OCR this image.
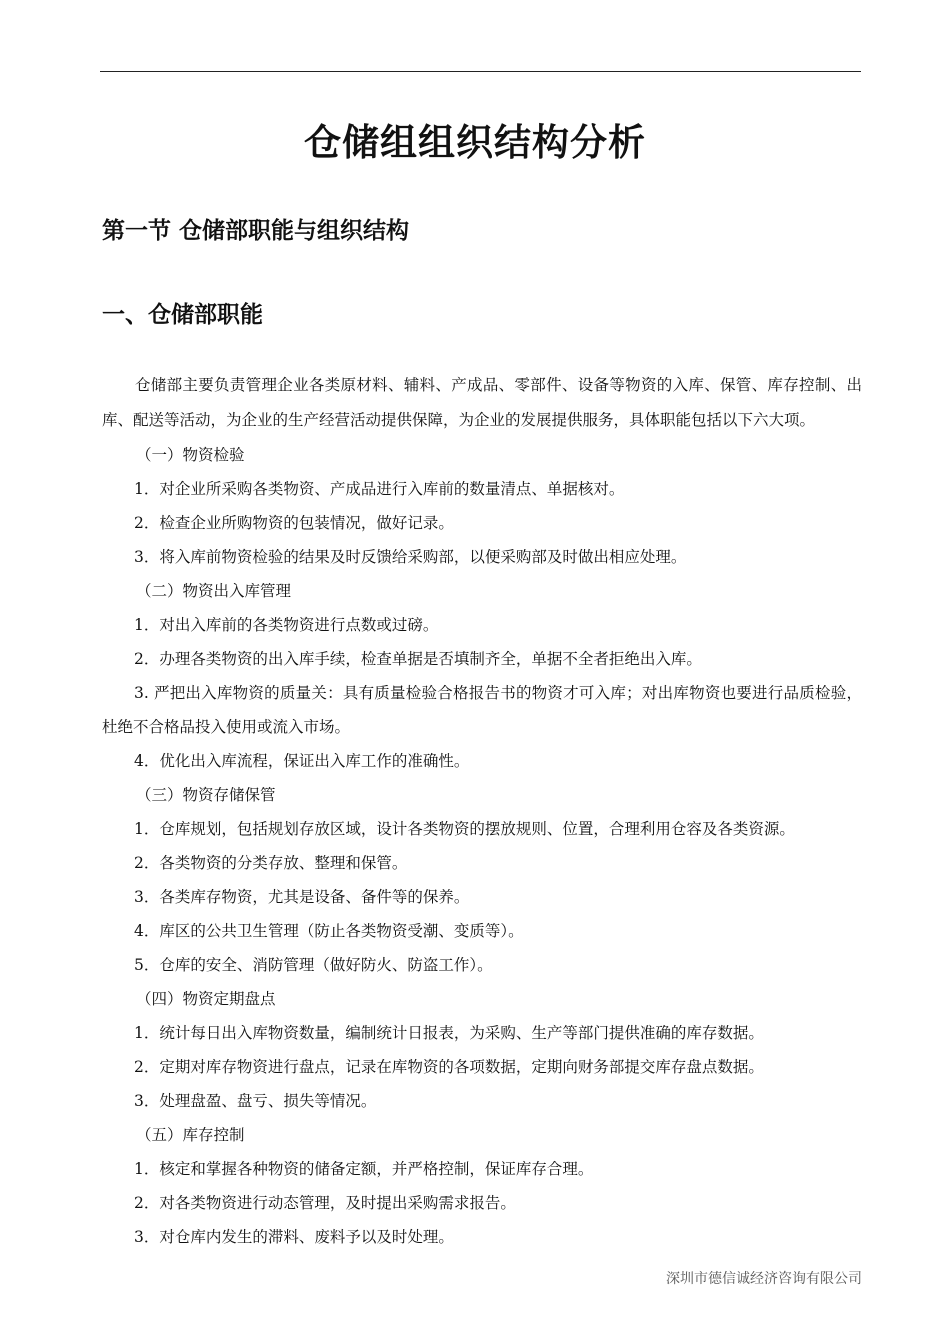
仓储组组织结构分析
第一节 仓储部职能与组织结构
一、仓储部职能

仓储部主要负责管理企业各类原材料、辅料、产成品、零部件、设备等物资的入库、保管、库存控制、出库、配送等活动，为企业的生产经营活动提供保障，为企业的发展提供服务，具体职能包括以下六大项。

（一）物资检验

1．对企业所采购各类物资、产成品进行入库前的数量清点、单据核对。

2．检查企业所购物资的包装情况，做好记录。

3．将入库前物资检验的结果及时反馈给采购部，以便采购部及时做出相应处理。

（二）物资出入库管理

1．对出入库前的各类物资进行点数或过磅。

2．办理各类物资的出入库手续，检查单据是否填制齐全，单据不全者拒绝出入库。

3. 严把出入库物资的质量关：具有质量检验合格报告书的物资才可入库；对出库物资也要进行品质检验，杜绝不合格品投入使用或流入市场。

4．优化出入库流程，保证出入库工作的准确性。

（三）物资存储保管

1．仓库规划，包括规划存放区域，设计各类物资的摆放规则、位置，合理利用仓容及各类资源。

2．各类物资的分类存放、整理和保管。

3．各类库存物资，尤其是设备、备件等的保养。

4．库区的公共卫生管理（防止各类物资受潮、变质等）。

5．仓库的安全、消防管理（做好防火、防盗工作）。

（四）物资定期盘点

1．统计每日出入库物资数量，编制统计日报表，为采购、生产等部门提供准确的库存数据。

2．定期对库存物资进行盘点，记录在库物资的各项数据，定期向财务部提交库存盘点数据。

3．处理盘盈、盘亏、损失等情况。

（五）库存控制

1．核定和掌握各种物资的储备定额，并严格控制，保证库存合理。

2．对各类物资进行动态管理，及时提出采购需求报告。

3．对仓库内发生的滞料、废料予以及时处理。

深圳市德信诚经济咨询有限公司
